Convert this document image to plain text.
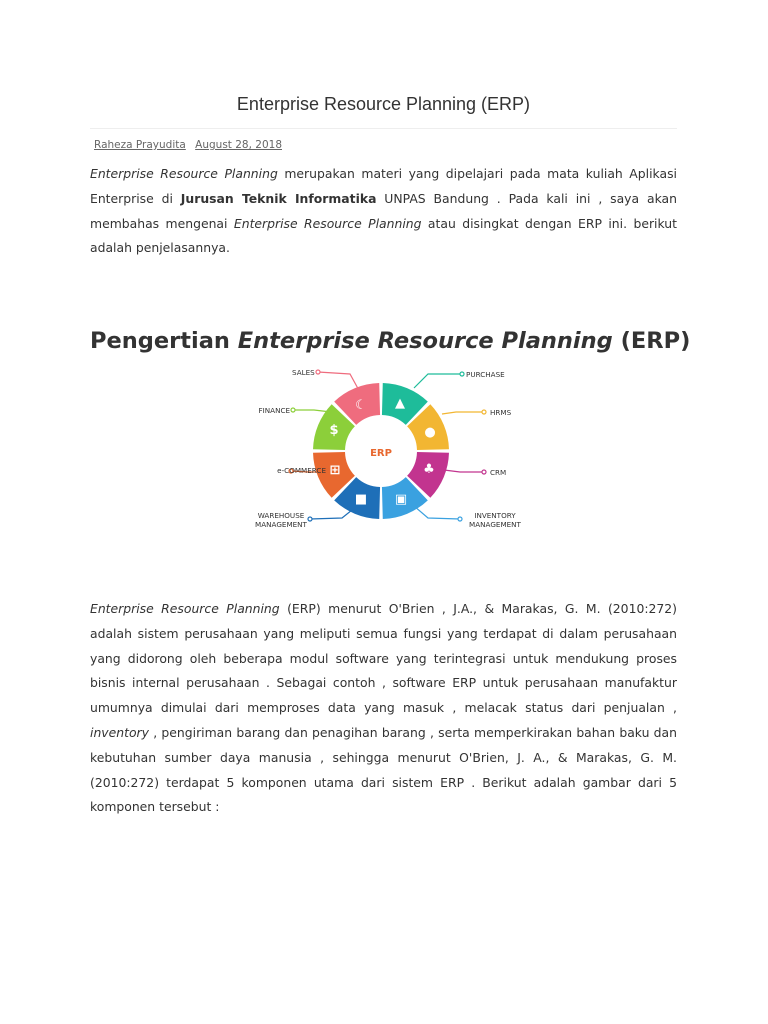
Enterprise Resource Planning (ERP)
Raheza Prayudita August 28, 2018
Enterprise Resource Planning merupakan materi yang dipelajari pada mata kuliah Aplikasi Enterprise di Jurusan Teknik Informatika UNPAS Bandung . Pada kali ini , saya akan membahas mengenai Enterprise Resource Planning atau disingkat dengan ERP ini. berikut adalah penjelasannya.
Pengertian Enterprise Resource Planning (ERP)
☾ ▲
●
♣
▣
■
⊞
$
ERP
SALES	PURCHASE
FINANCE	HRMS
e-COMMERCE	CRM
WAREHOUSE
MANAGEMENT
INVENTORY
MANAGEMENT
Enterprise Resource Planning (ERP) menurut O'Brien , J.A., & Marakas, G. M. (2010:272) adalah sistem perusahaan yang meliputi semua fungsi yang terdapat di dalam perusahaan yang didorong oleh beberapa modul software yang terintegrasi untuk mendukung proses bisnis internal perusahaan . Sebagai contoh , software ERP untuk perusahaan manufaktur umumnya dimulai dari memproses data yang masuk , melacak status dari penjualan , inventory , pengiriman barang dan penagihan barang , serta memperkirakan bahan baku dan kebutuhan sumber daya manusia , sehingga menurut O'Brien, J. A., & Marakas, G. M. (2010:272) terdapat 5 komponen utama dari sistem ERP . Berikut adalah gambar dari 5 komponen tersebut :
